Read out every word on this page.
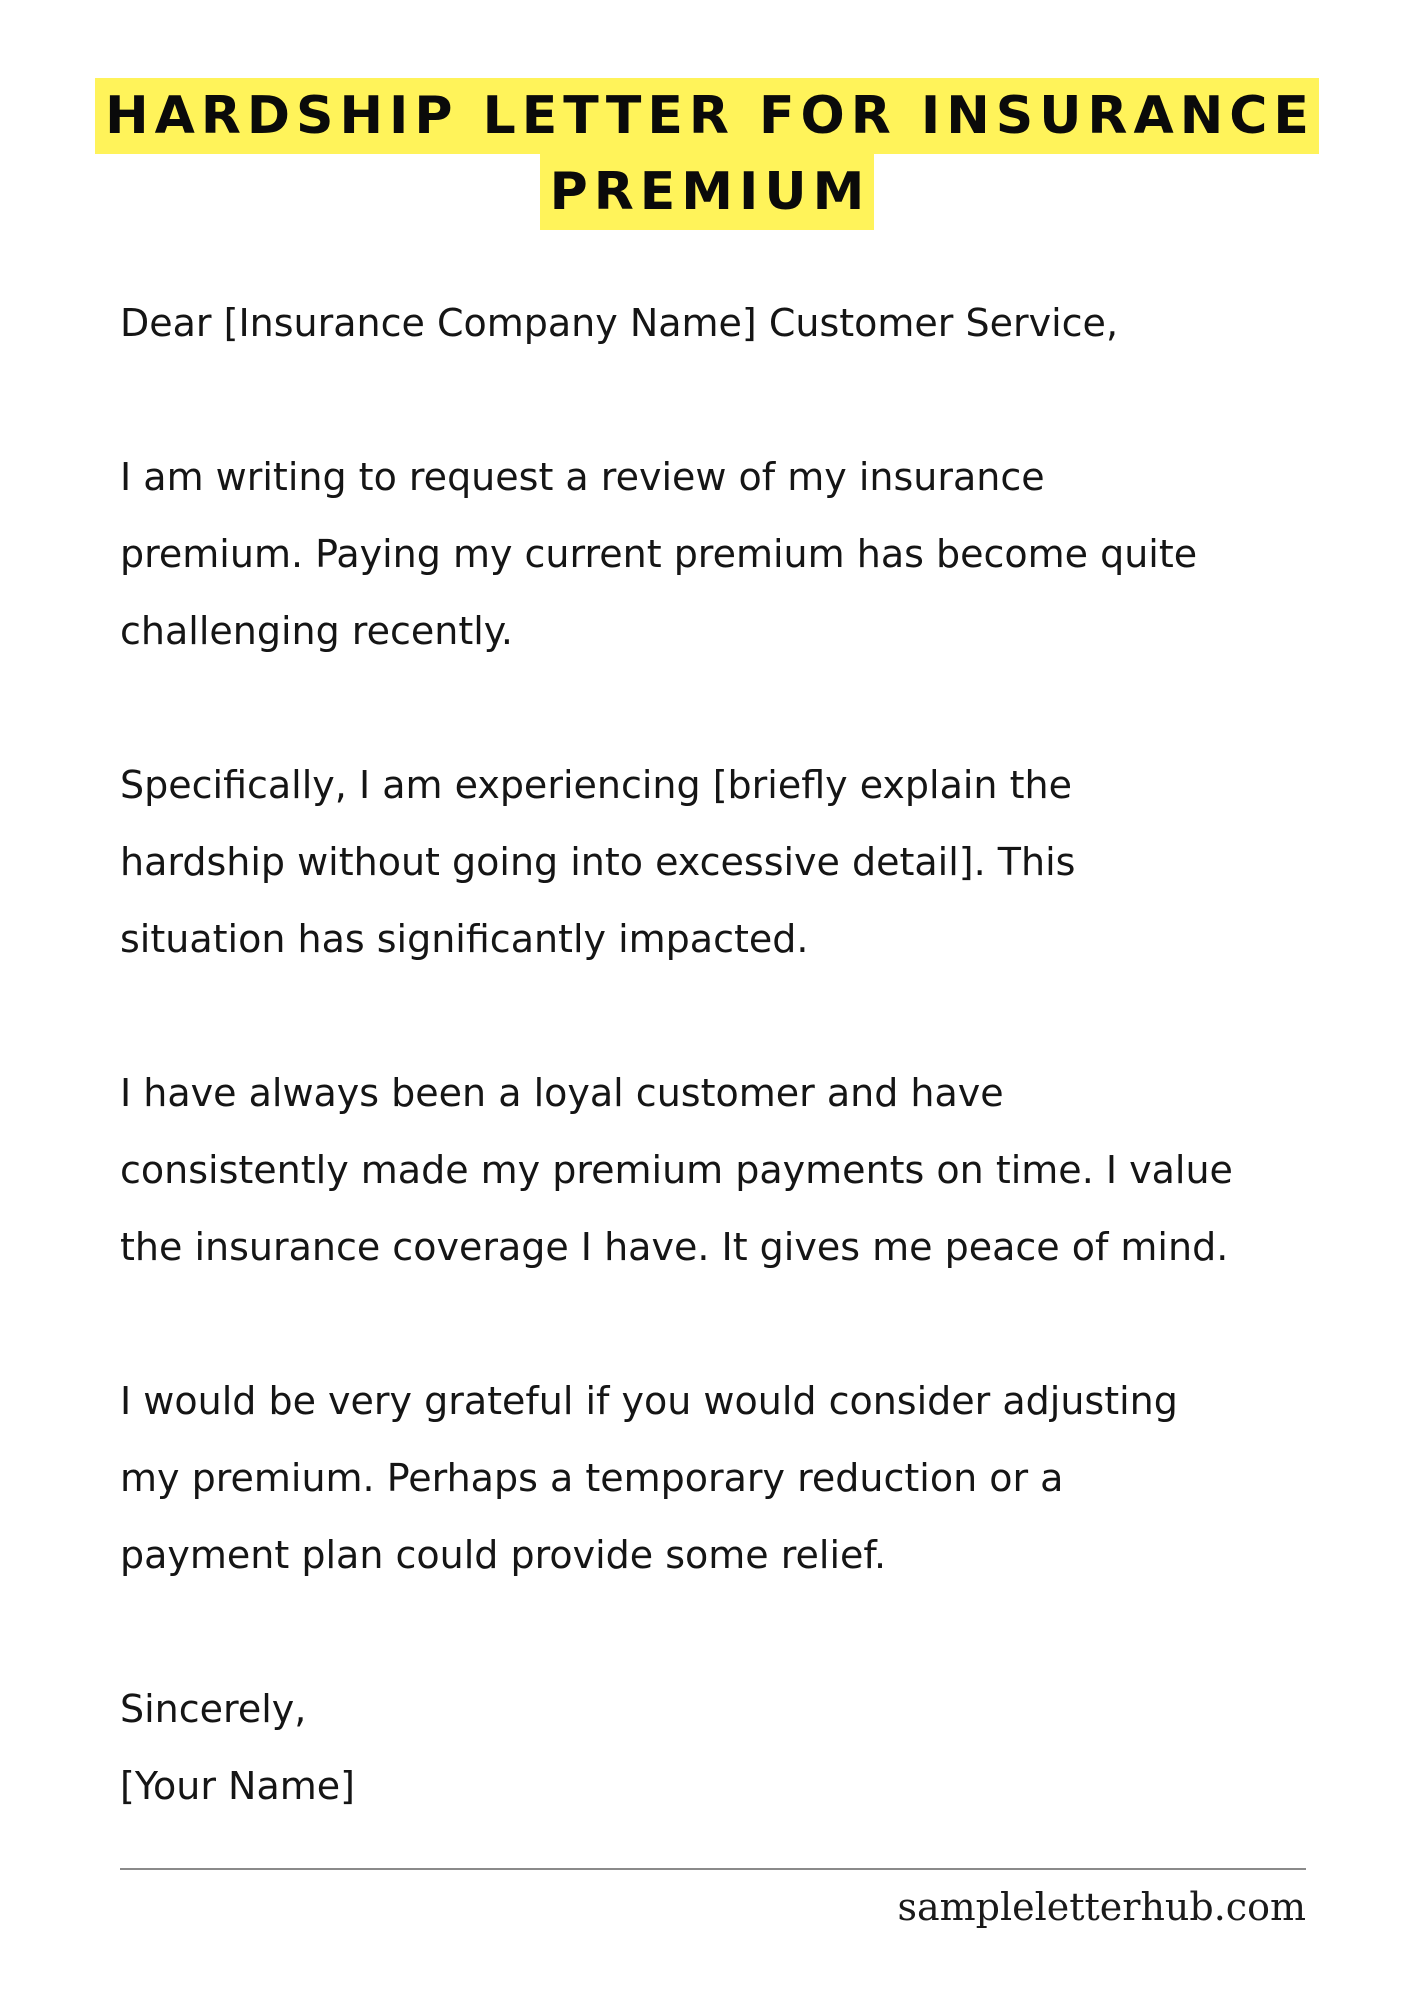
HARDSHIP LETTER FOR INSURANCE
PREMIUM

Dear [Insurance Company Name] Customer Service,

I am writing to request a review of my insurance

premium. Paying my current premium has become quite

challenging recently.

Specifically, I am experiencing [briefly explain the

hardship without going into excessive detail]. This

situation has significantly impacted.

I have always been a loyal customer and have

consistently made my premium payments on time. I value

the insurance coverage I have. It gives me peace of mind.

I would be very grateful if you would consider adjusting

my premium. Perhaps a temporary reduction or a

payment plan could provide some relief.

Sincerely,

[Your Name]

sampleletterhub.com
